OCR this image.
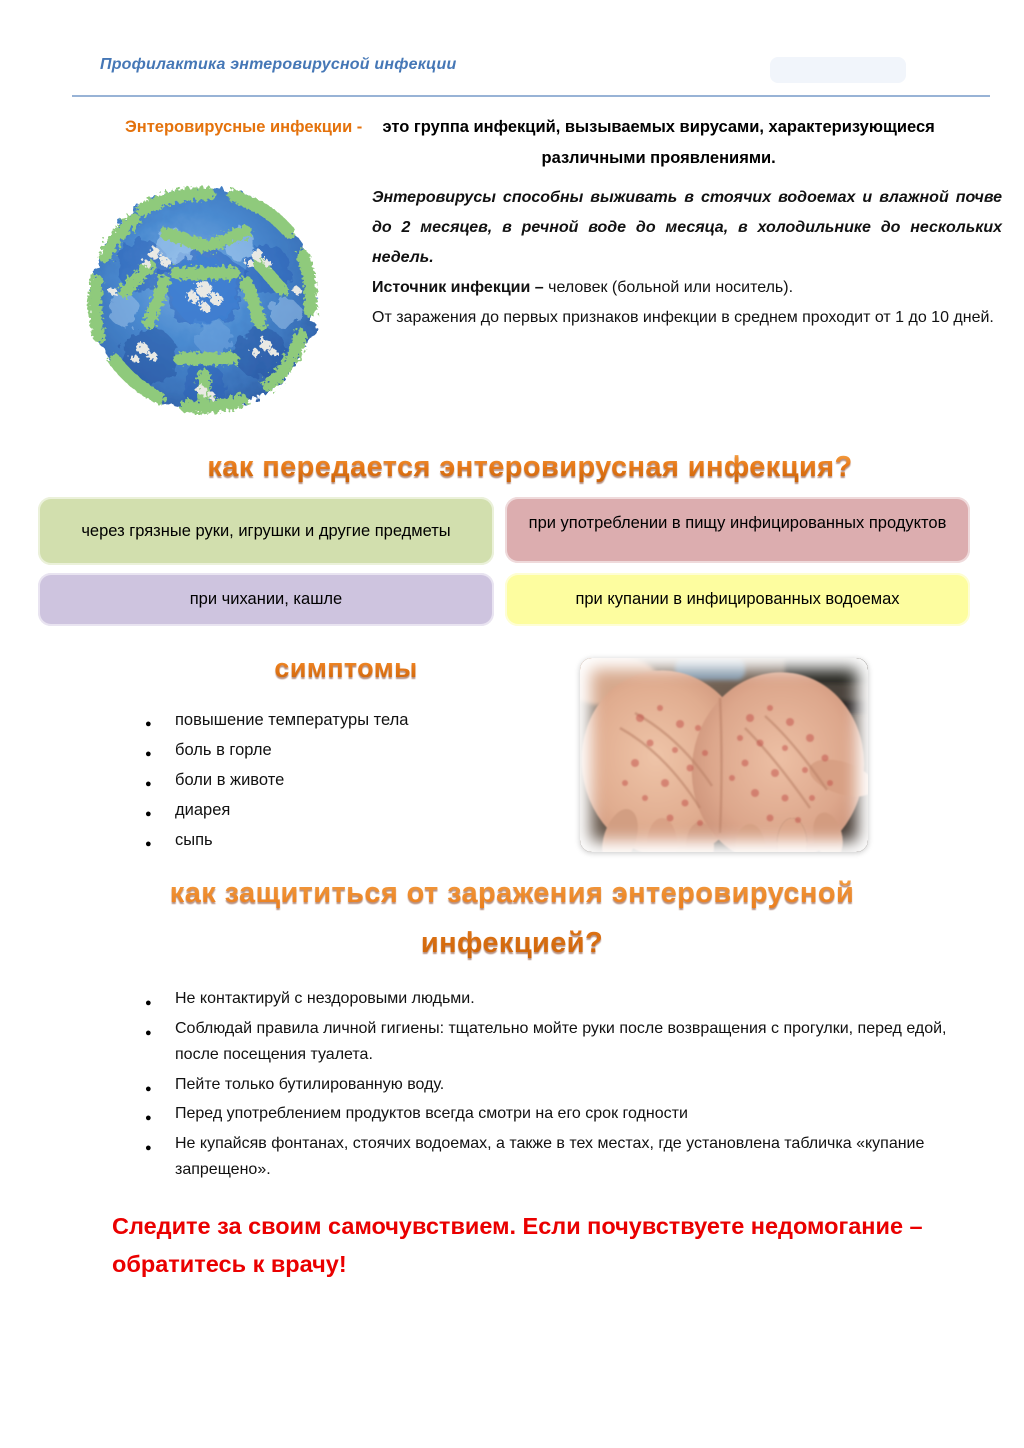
Профилактика энтеровирусной инфекции
Энтеровирусные инфекции -	это группа инфекций, вызываемых вирусами, характеризующиеся различными проявлениями.

Энтеровирусы способны выживать в стоячих водоемах и влажной почве до 2 месяцев, в речной воде до месяца, в холодильнике до нескольких недель.

Источник инфекции – человек (больной или носитель).

От заражения до первых признаков инфекции в среднем проходит от 1 до 10 дней.

как передается энтеровирусная инфекция?
через грязные руки, игрушки и другие предметы	при употреблении в пищу инфицированных продуктов
при чихании, кашле	при купании в инфицированных водоемах
симптомы
● повышение температуры тела
● боль в горле
● боли в животе
● диарея
● сыпь
как защититься от заражения энтеровирусной инфекцией?
● Не контактируй с нездоровыми людьми.
● Соблюдай правила личной гигиены: тщательно мойте руки после возвращения с прогулки, перед едой, после посещения туалета.
● Пейте только бутилированную воду.
● Перед употреблением продуктов всегда смотри на его срок годности
● Не купайсяв фонтанах, стоячих водоемах, а также в тех местах, где установлена табличка «купание запрещено».
Следите за своим самочувствием. Если почувствуете недомогание – обратитесь к врачу!
